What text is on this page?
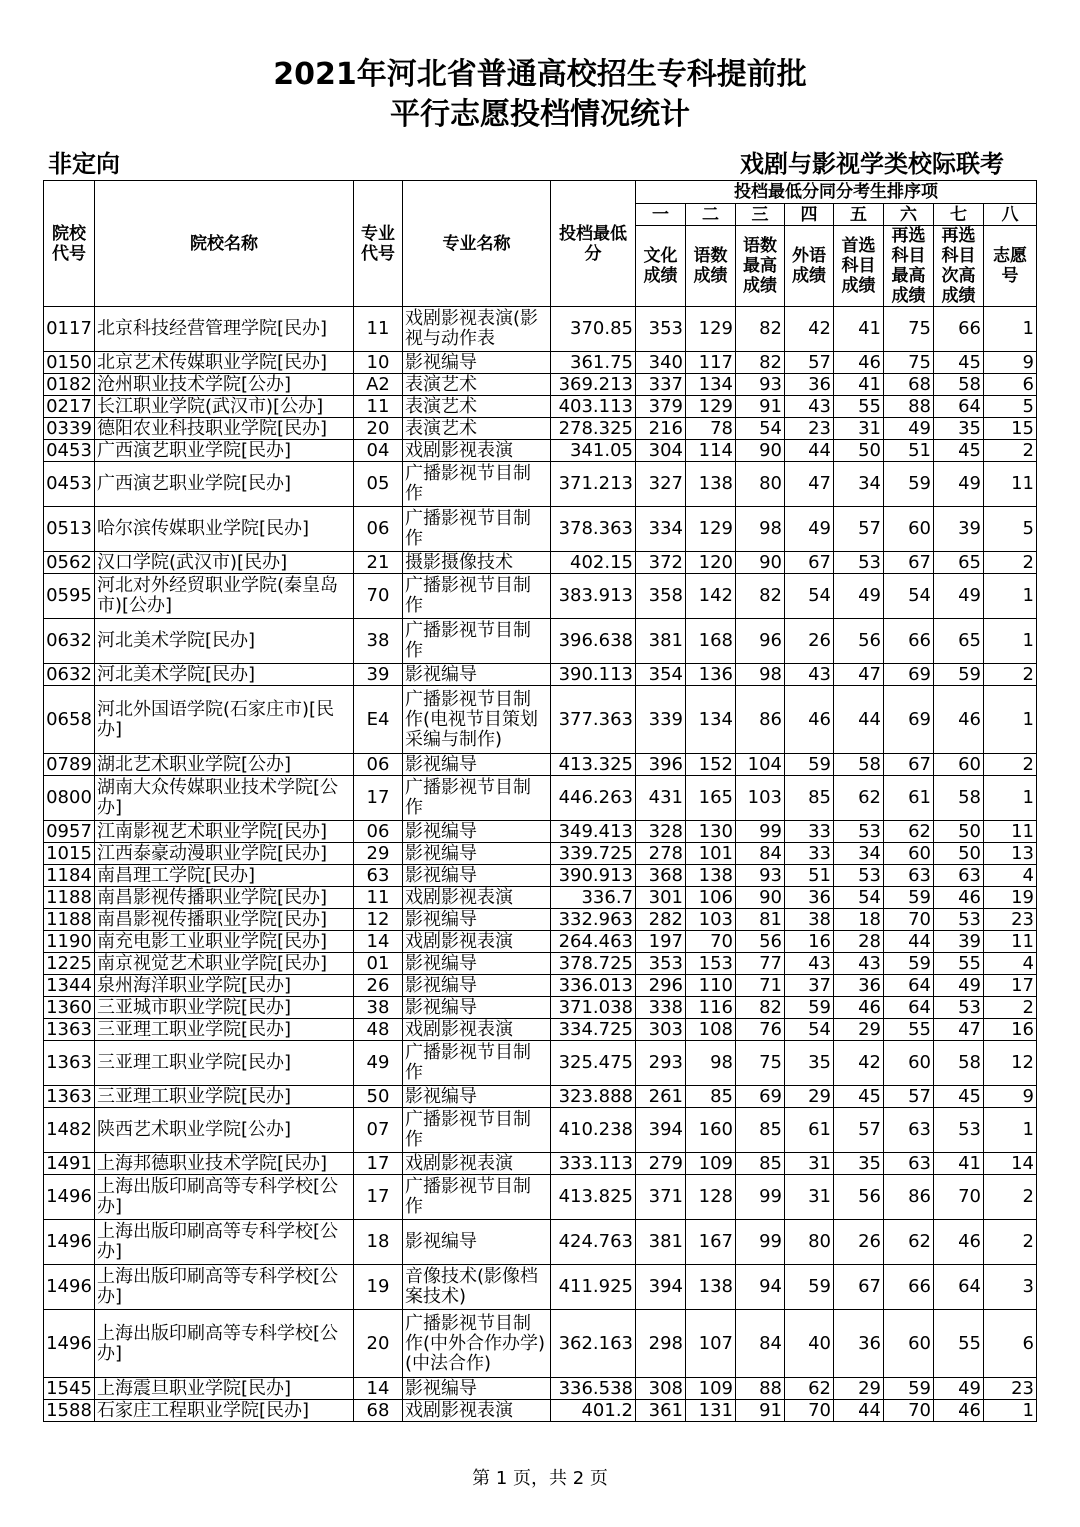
2021年河北省普通高校招生专科提前批
平行志愿投档情况统计
非定向	戏剧与影视学类校际联考
院校代号	院校名称	专业代号	专业名称	投档最低分	投档最低分同分考生排序项							
					一	二	三	四	五	六	七	八
					文化成绩	语数成绩	语数最高成绩	外语成绩	首选科目成绩	再选科目最高成绩	再选科目次高成绩	志愿号
0117	北京科技经营管理学院[民办]	11	戏剧影视表演(影视与动作表	370.85	353	129	82	42	41	75	66	1
0150	北京艺术传媒职业学院[民办]	10	影视编导	361.75	340	117	82	57	46	75	45	9
0182	沧州职业技术学院[公办]	A2	表演艺术	369.213	337	134	93	36	41	68	58	6
0217	长江职业学院(武汉市)[公办]	11	表演艺术	403.113	379	129	91	43	55	88	64	5
0339	德阳农业科技职业学院[民办]	20	表演艺术	278.325	216	78	54	23	31	49	35	15
0453	广西演艺职业学院[民办]	04	戏剧影视表演	341.05	304	114	90	44	50	51	45	2
0453	广西演艺职业学院[民办]	05	广播影视节目制作	371.213	327	138	80	47	34	59	49	11
0513	哈尔滨传媒职业学院[民办]	06	广播影视节目制作	378.363	334	129	98	49	57	60	39	5
0562	汉口学院(武汉市)[民办]	21	摄影摄像技术	402.15	372	120	90	67	53	67	65	2
0595	河北对外经贸职业学院(秦皇岛市)[公办]	70	广播影视节目制作	383.913	358	142	82	54	49	54	49	1
0632	河北美术学院[民办]	38	广播影视节目制作	396.638	381	168	96	26	56	66	65	1
0632	河北美术学院[民办]	39	影视编导	390.113	354	136	98	43	47	69	59	2
0658	河北外国语学院(石家庄市)[民办]	E4	广播影视节目制作(电视节目策划采编与制作)	377.363	339	134	86	46	44	69	46	1
0789	湖北艺术职业学院[公办]	06	影视编导	413.325	396	152	104	59	58	67	60	2
0800	湖南大众传媒职业技术学院[公办]	17	广播影视节目制作	446.263	431	165	103	85	62	61	58	1
0957	江南影视艺术职业学院[民办]	06	影视编导	349.413	328	130	99	33	53	62	50	11
1015	江西泰豪动漫职业学院[民办]	29	影视编导	339.725	278	101	84	33	34	60	50	13
1184	南昌理工学院[民办]	63	影视编导	390.913	368	138	93	51	53	63	63	4
1188	南昌影视传播职业学院[民办]	11	戏剧影视表演	336.7	301	106	90	36	54	59	46	19
1188	南昌影视传播职业学院[民办]	12	影视编导	332.963	282	103	81	38	18	70	53	23
1190	南充电影工业职业学院[民办]	14	戏剧影视表演	264.463	197	70	56	16	28	44	39	11
1225	南京视觉艺术职业学院[民办]	01	影视编导	378.725	353	153	77	43	43	59	55	4
1344	泉州海洋职业学院[民办]	26	影视编导	336.013	296	110	71	37	36	64	49	17
1360	三亚城市职业学院[民办]	38	影视编导	371.038	338	116	82	59	46	64	53	2
1363	三亚理工职业学院[民办]	48	戏剧影视表演	334.725	303	108	76	54	29	55	47	16
1363	三亚理工职业学院[民办]	49	广播影视节目制作	325.475	293	98	75	35	42	60	58	12
1363	三亚理工职业学院[民办]	50	影视编导	323.888	261	85	69	29	45	57	45	9
1482	陕西艺术职业学院[公办]	07	广播影视节目制作	410.238	394	160	85	61	57	63	53	1
1491	上海邦德职业技术学院[民办]	17	戏剧影视表演	333.113	279	109	85	31	35	63	41	14
1496	上海出版印刷高等专科学校[公办]	17	广播影视节目制作	413.825	371	128	99	31	56	86	70	2
1496	上海出版印刷高等专科学校[公办]	18	影视编导	424.763	381	167	99	80	26	62	46	2
1496	上海出版印刷高等专科学校[公办]	19	音像技术(影像档案技术)	411.925	394	138	94	59	67	66	64	3
1496	上海出版印刷高等专科学校[公办]	20	广播影视节目制作(中外合作办学)(中法合作)	362.163	298	107	84	40	36	60	55	6
1545	上海震旦职业学院[民办]	14	影视编导	336.538	308	109	88	62	29	59	49	23
1588	石家庄工程职业学院[民办]	68	戏剧影视表演	401.2	361	131	91	70	44	70	46	1
第 1 页，共 2 页
